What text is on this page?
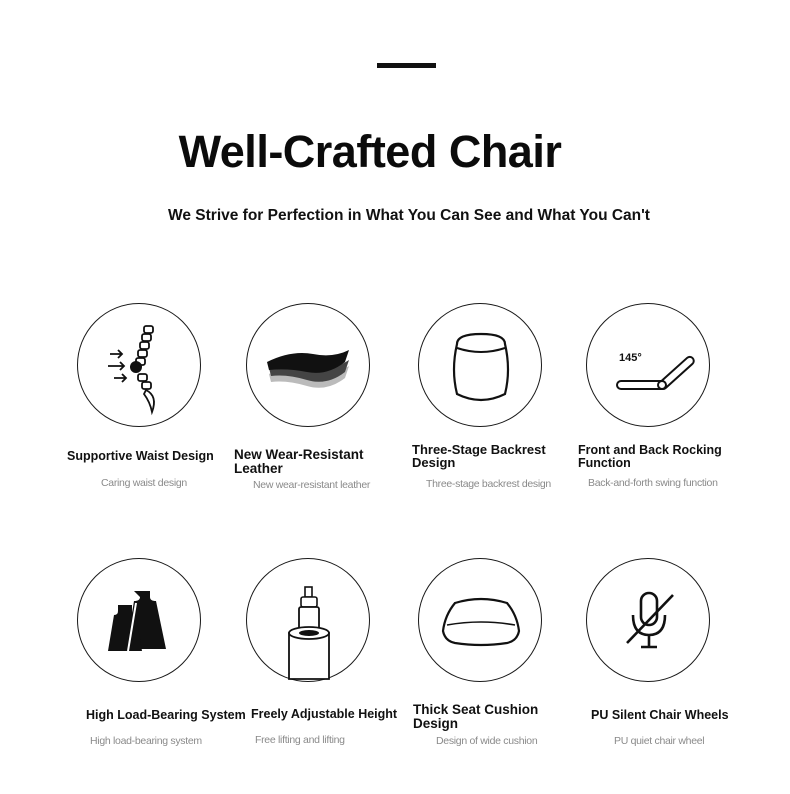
Well-Crafted Chair
We Strive for Perfection in What You Can See and What You Can't
Supportive Waist Design
Caring waist design
New Wear-Resistant Leather
New wear-resistant leather
Three-Stage Backrest Design
Three-stage backrest design
145°
Front and Back Rocking Function
Back-and-forth swing function
High Load-Bearing System
High load-bearing system
Freely Adjustable Height
Free lifting and lifting
Thick Seat Cushion Design
Design of wide cushion
PU Silent Chair Wheels
PU quiet chair wheel
